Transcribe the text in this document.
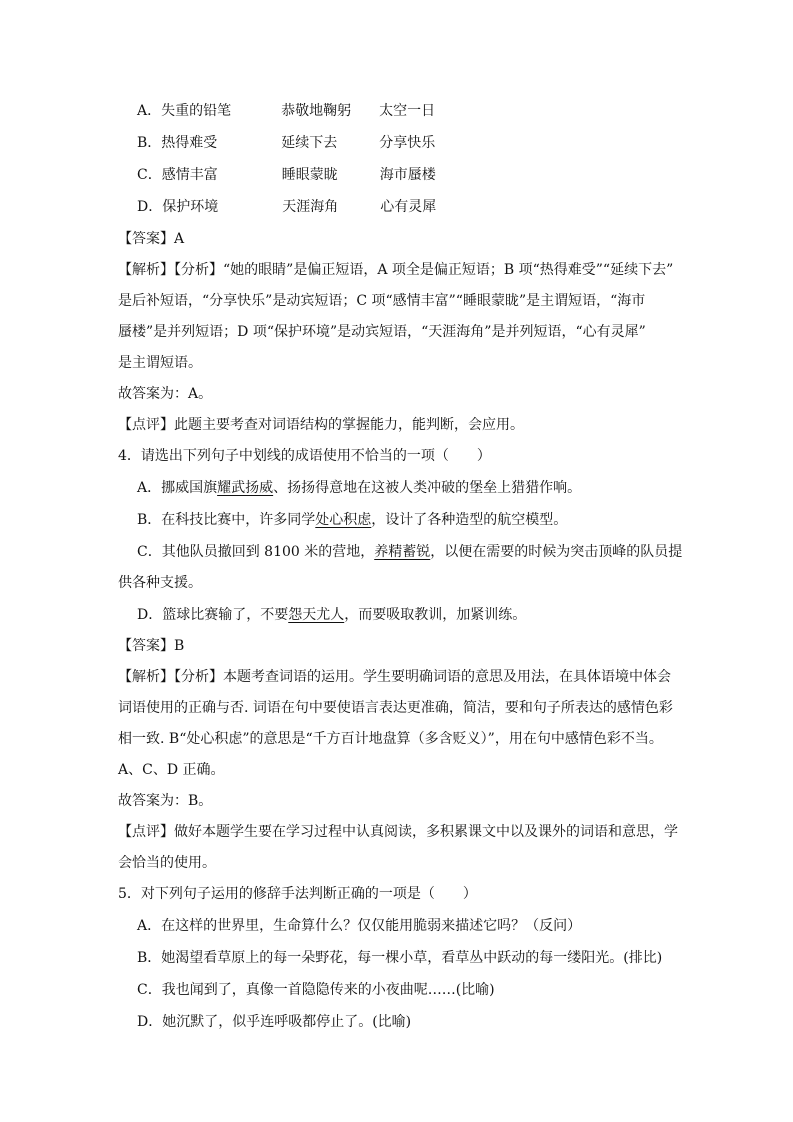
A．失重的铅笔	恭敬地鞠躬 太空一日
B．热得难受	延续下去	分享快乐
C．感情丰富	睡眼蒙眬	海市蜃楼
D．保护环境	天涯海角	心有灵犀
【答案】A
【解析】【分析】“她的眼睛”是偏正短语，A 项全是偏正短语；B 项“热得难受”“延续下去”
是后补短语，“分享快乐”是动宾短语；C 项“感情丰富”“睡眼蒙眬”是主谓短语，“海市
蜃楼”是并列短语；D 项“保护环境”是动宾短语，“天涯海角”是并列短语，“心有灵犀”
是主谓短语。
故答案为：A。
【点评】此题主要考查对词语结构的掌握能力，能判断，会应用。
4．请选出下列句子中划线的成语使用不恰当的一项（　　）
A．挪威国旗耀武扬威、扬扬得意地在这被人类冲破的堡垒上猎猎作响。
B．在科技比赛中，许多同学处心积虑，设计了各种造型的航空模型。
C．其他队员撤回到 8100 米的营地，养精蓄锐，以便在需要的时候为突击顶峰的队员提
供各种支援。
D．篮球比赛输了，不要怨天尤人，而要吸取教训，加紧训练。
【答案】B
【解析】【分析】本题考查词语的运用。学生要明确词语的意思及用法，在具体语境中体会
词语使用的正确与否. 词语在句中要使语言表达更准确，简洁，要和句子所表达的感情色彩
相一致. B“处心积虑”的意思是“千方百计地盘算（多含贬义）”，用在句中感情色彩不当。
A、C、D 正确。
故答案为：B。
【点评】做好本题学生要在学习过程中认真阅读，多积累课文中以及课外的词语和意思，学
会恰当的使用。
5．对下列句子运用的修辞手法判断正确的一项是（　　）
A．在这样的世界里，生命算什么？仅仅能用脆弱来描述它吗？（反问）
B．她渴望看草原上的每一朵野花，每一棵小草，看草丛中跃动的每一缕阳光。(排比)
C．我也闻到了，真像一首隐隐传来的小夜曲呢……(比喻)
D．她沉默了，似乎连呼吸都停止了。(比喻)
